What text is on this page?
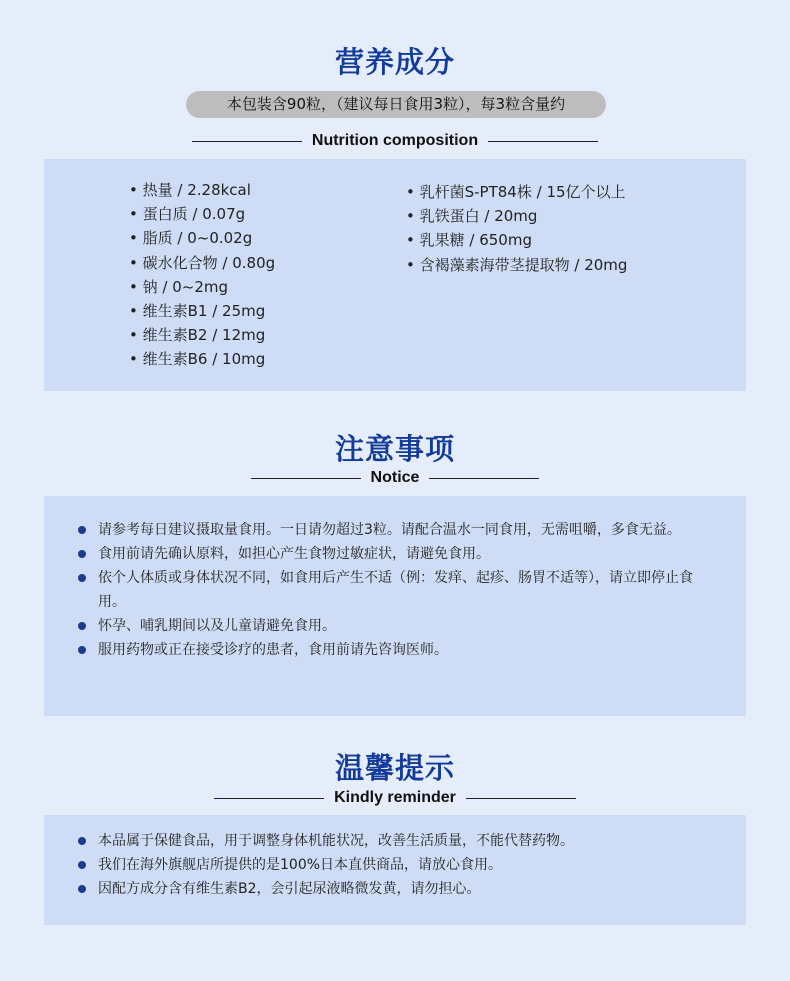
营养成分
本包装含90粒，（建议每日食用3粒），每3粒含量约
Nutrition composition
• 热量 / 2.28kcal
• 蛋白质 / 0.07g
• 脂质 / 0~0.02g
• 碳水化合物 / 0.80g
• 钠 / 0~2mg
• 维生素B1 / 25mg
• 维生素B2 / 12mg
• 维生素B6 / 10mg
• 乳杆菌S-PT84株 / 15亿个以上
• 乳铁蛋白 / 20mg
• 乳果糖 / 650mg
• 含褐藻素海带茎提取物 / 20mg
注意事项
Notice
请参考每日建议摄取量食用。一日请勿超过3粒。请配合温水一同食用，无需咀嚼，多食无益。
食用前请先确认原料，如担心产生食物过敏症状，请避免食用。
依个人体质或身体状况不同，如食用后产生不适（例：发痒、起疹、肠胃不适等），请立即停止食用。
怀孕、哺乳期间以及儿童请避免食用。
服用药物或正在接受诊疗的患者，食用前请先咨询医师。
温馨提示
Kindly reminder
本品属于保健食品，用于调整身体机能状况，改善生活质量，不能代替药物。
我们在海外旗舰店所提供的是100%日本直供商品，请放心食用。
因配方成分含有维生素B2，会引起尿液略微发黄，请勿担心。
